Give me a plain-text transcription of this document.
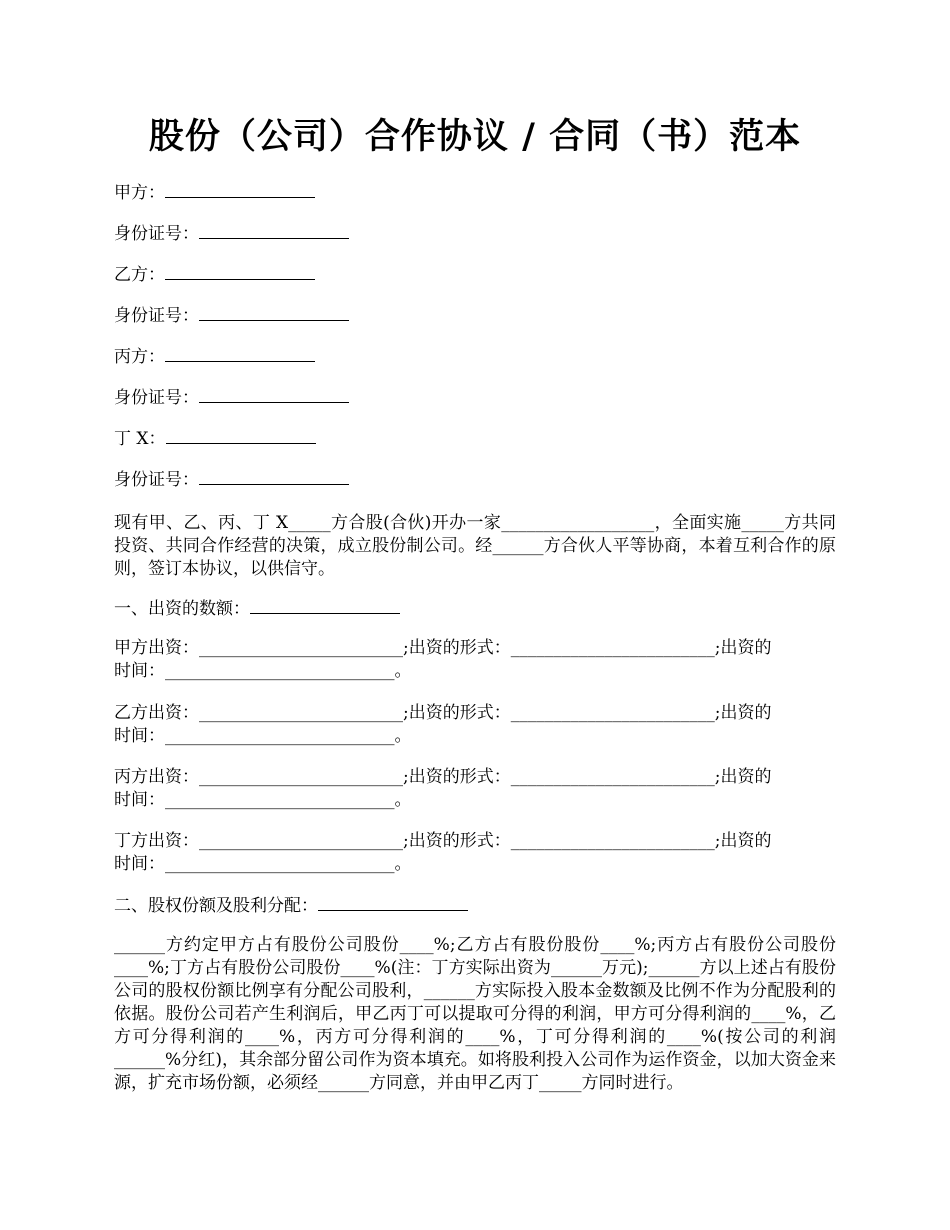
股份（公司）合作协议 / 合同（书）范本
甲方：
身份证号：
乙方：
身份证号：
丙方：
身份证号：
丁 X：
身份证号：

现有甲、乙、丙、丁 X_____方合股(合伙)开办一家__________________，全面实施_____方共同投资、共同合作经营的决策，成立股份制公司。经______方合伙人平等协商，本着互利合作的原则，签订本协议，以供信守。

一、出资的数额：
甲方出资：________________________;出资的形式：________________________;出资的
时间：___________________________。
乙方出资：________________________;出资的形式：________________________;出资的
时间：___________________________。
丙方出资：________________________;出资的形式：________________________;出资的
时间：___________________________。
丁方出资：________________________;出资的形式：________________________;出资的
时间：___________________________。
二、股权份额及股利分配：

______方约定甲方占有股份公司股份____%;乙方占有股份股份____%;丙方占有股份公司股份____%;丁方占有股份公司股份____%(注：丁方实际出资为______万元);______方以上述占有股份公司的股权份额比例享有分配公司股利，______方实际投入股本金数额及比例不作为分配股利的依据。股份公司若产生利润后，甲乙丙丁可以提取可分得的利润，甲方可分得利润的____%，乙方可分得利润的____%，丙方可分得利润的____%，丁可分得利润的____%(按公司的利润______%分红)，其余部分留公司作为资本填充。如将股利投入公司作为运作资金，以加大资金来源，扩充市场份额，必须经______方同意，并由甲乙丙丁_____方同时进行。
